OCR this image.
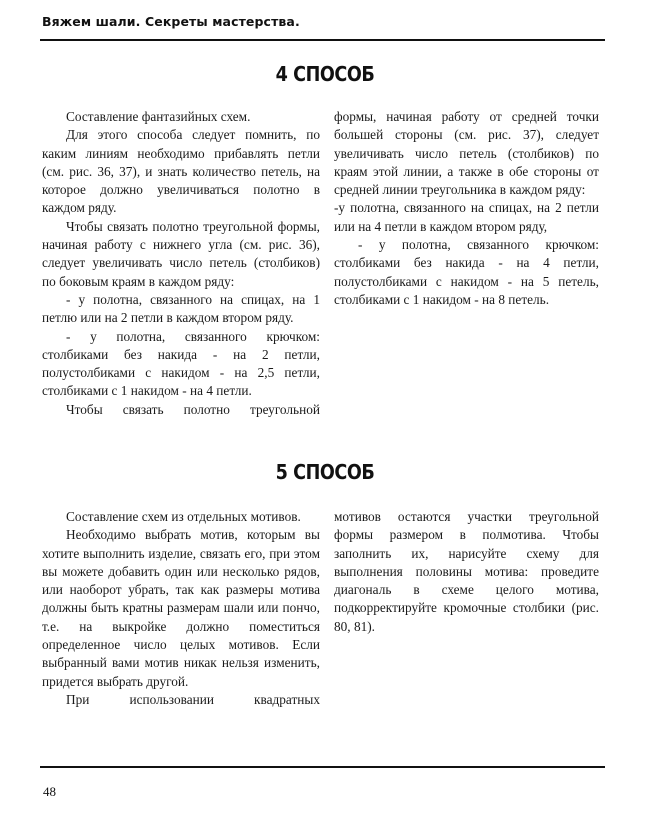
Вяжем шали. Секреты мастерства.
4 СПОСОБ

Составление фантазийных схем.

Для этого способа следует помнить, по каким линиям необходимо прибавлять петли (см. рис. 36, 37), и знать количество петель, на которое должно увеличиваться полотно в каждом ряду.

Чтобы связать полотно треугольной формы, начиная работу с нижнего угла (см. рис. 36), следует увеличивать число петель (столбиков) по боковым краям в каждом ряду:

- у полотна, связанного на спицах, на 1 петлю или на 2 петли в каждом втором ряду.

- у полотна, связанного крючком: столбиками без накида - на 2 петли, полустолбиками с накидом - на 2,5 петли, столбиками с 1 накидом - на 4 петли.

Чтобы связать полотно треугольной

формы, начиная работу от средней точки большей стороны (см. рис. 37), следует увеличивать число петель (столбиков) по краям этой линии, а также в обе стороны от средней линии треугольника в каждом ряду:

-у полотна, связанного на спицах, на 2 петли или на 4 петли в каждом втором ряду,

- у полотна, связанного крючком: столбиками без накида - на 4 петли, полустолбиками с накидом - на 5 петель, столбиками с 1 накидом - на 8 петель.

5 СПОСОБ

Составление схем из отдельных мотивов.

Необходимо выбрать мотив, которым вы хотите выполнить изделие, связать его, при этом вы можете добавить один или несколько рядов, или наоборот убрать, так как размеры мотива должны быть кратны размерам шали или пончо, т.е. на выкройке должно поместиться определенное число целых мотивов. Если выбранный вами мотив никак нельзя изменить, придется выбрать другой.

При использовании квадратных

мотивов остаются участки треугольной формы размером в полмотива. Чтобы заполнить их, нарисуйте схему для выполнения половины мотива: проведите диагональ в схеме целого мотива, подкорректируйте кромочные столбики (рис. 80, 81).

48
